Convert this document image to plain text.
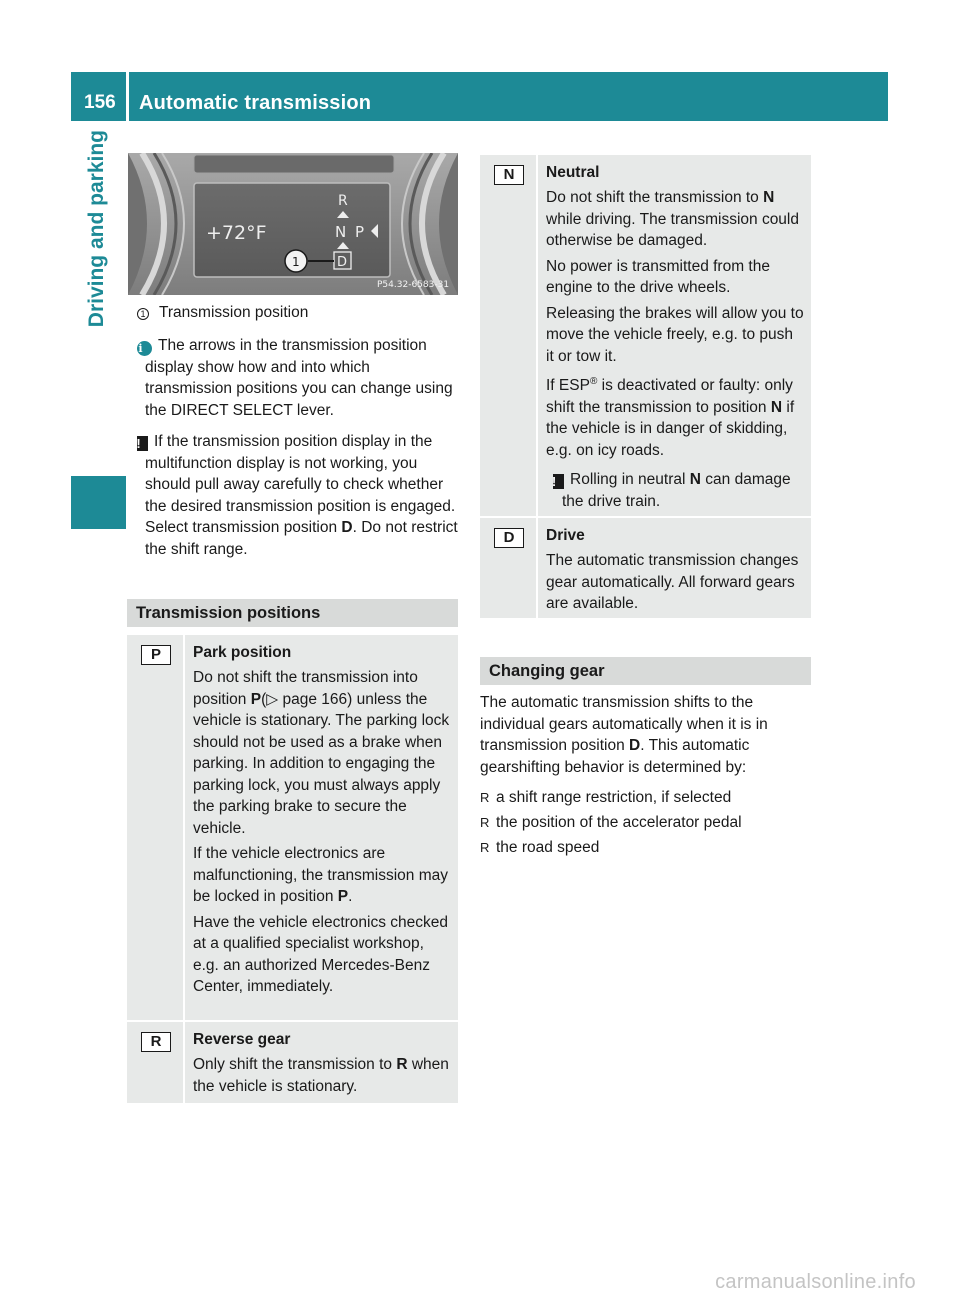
156 Automatic transmission
Driving and parking	+72°F
R
N P
D
1
P54.32-6583-31
1 Transmission position
i The arrows in the transmission position display show how and into which transmission positions you can change using the DIRECT SELECT lever.
! If the transmission position display in the multifunction display is not working, you should pull away carefully to check whether the desired transmission position is engaged. Select transmission position D. Do not restrict the shift range.
Transmission positions
P	Park position
Do not shift the transmission into position P(▷ page 166) unless the vehicle is stationary. The parking lock should not be used as a brake when parking. In addition to engaging the parking lock, you must always apply the parking brake to secure the vehicle.
If the vehicle electronics are malfunctioning, the transmission may be locked in position P.
Have the vehicle electronics checked at a qualified specialist workshop, e.g. an authorized Mercedes-Benz Center, immediately.
R	Reverse gear
Only shift the transmission to R when the vehicle is stationary.
N	Neutral
Do not shift the transmission to N while driving. The transmission could otherwise be damaged.
No power is transmitted from the engine to the drive wheels.
Releasing the brakes will allow you to move the vehicle freely, e.g. to push it or tow it.
If ESP® is deactivated or faulty: only shift the transmission to position N if the vehicle is in danger of skidding, e.g. on icy roads.
! Rolling in neutral N can damage the drive train.
D	Drive
The automatic transmission changes gear automatically. All forward gears are available.
Changing gear
The automatic transmission shifts to the individual gears automatically when it is in transmission position D. This automatic gearshifting behavior is determined by:
R a shift range restriction, if selected
R the position of the accelerator pedal
R the road speed
carmanualsonline.info
